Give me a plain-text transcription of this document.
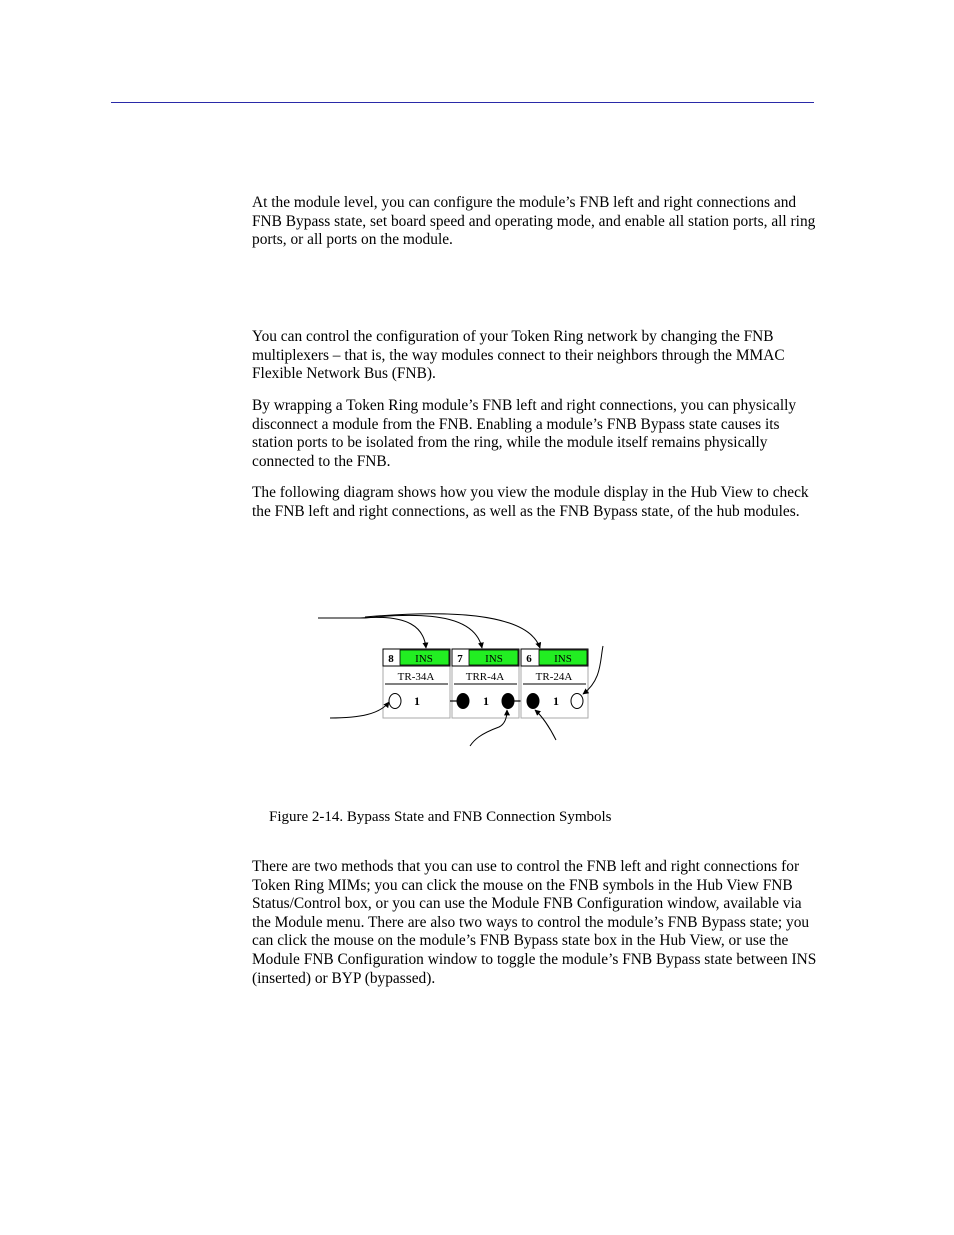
At the module level, you can configure the module’s FNB left and right connections and FNB Bypass state, set board speed and operating mode, and enable all station ports, all ring ports, or all ports on the module.

You can control the configuration of your Token Ring network by changing the FNB multiplexers – that is, the way modules connect to their neighbors through the MMAC Flexible Network Bus (FNB).

By wrapping a Token Ring module’s FNB left and right connections, you can physically disconnect a module from the FNB. Enabling a module’s FNB Bypass state causes its station ports to be isolated from the ring, while the module itself remains physically connected to the FNB.

The following diagram shows how you view the module display in the Hub View to check the FNB left and right connections, as well as the FNB Bypass state, of the hub modules.

8 INS
TR-34A
1
7 INS
TRR-4A
1
6 INS
TR-24A
1

Figure 2-14. Bypass State and FNB Connection Symbols

There are two methods that you can use to control the FNB left and right connections for Token Ring MIMs; you can click the mouse on the FNB symbols in the Hub View FNB Status/Control box, or you can use the Module FNB Configuration window, available via the Module menu. There are also two ways to control the module’s FNB Bypass state; you can click the mouse on the module’s FNB Bypass state box in the Hub View, or use the Module FNB Configuration window to toggle the module’s FNB Bypass state between INS (inserted) or BYP (bypassed).
